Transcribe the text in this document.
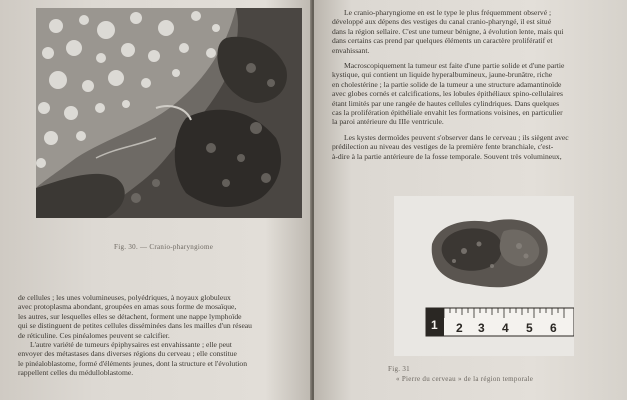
Fig. 30. — Cranio-pharyngiome
de cellules ; les unes volumineuses, polyédriques, à noyaux globuleux
avec protoplasma abondant, groupées en amas sous forme de mosaïque,
les autres, sur lesquelles elles se détachent, forment une nappe lymphoïde
qui se distinguent de petites cellules disséminées dans les mailles d'un réseau
de réticuline. Ces pinéalomes peuvent se calcifier.
L'autre variété de tumeurs épiphysaires est envahissante ; elle peut
envoyer des métastases dans diverses régions du cerveau ; elle constitue
le pinéaloblastome, formé d'éléments jeunes, dont la structure et l'évolution
rappellent celles du médulloblastome.
Le cranio-pharyngiome en est le type le plus fréquemment observé ;
développé aux dépens des vestiges du canal cranio-pharyngé, il est situé
dans la région sellaire. C'est une tumeur bénigne, à évolution lente, mais qui
dans certains cas prend par quelques éléments un caractère prolifératif et
envahissant.
Macroscopiquement la tumeur est faite d'une partie solide et d'une partie
kystique, qui contient un liquide hyperalbumineux, jaune-brunâtre, riche
en cholestérine ; la partie solide de la tumeur a une structure adamantinoïde
avec globes cornés et calcifications, les lobules épithéliaux spino-cellulaires
étant limités par une rangée de hautes cellules cylindriques. Dans quelques
cas la prolifération épithéliale envahit les formations voisines, en particulier
la paroi antérieure du IIIe ventricule.
Les kystes dermoïdes peuvent s'observer dans le cerveau ; ils siègent avec
prédilection au niveau des vestiges de la première fente branchiale, c'est-
à-dire à la partie antérieure de la fosse temporale. Souvent très volumineux,
1 2 3 4 5 6
Fig. 31
« Pierre du cerveau » de la région temporale
